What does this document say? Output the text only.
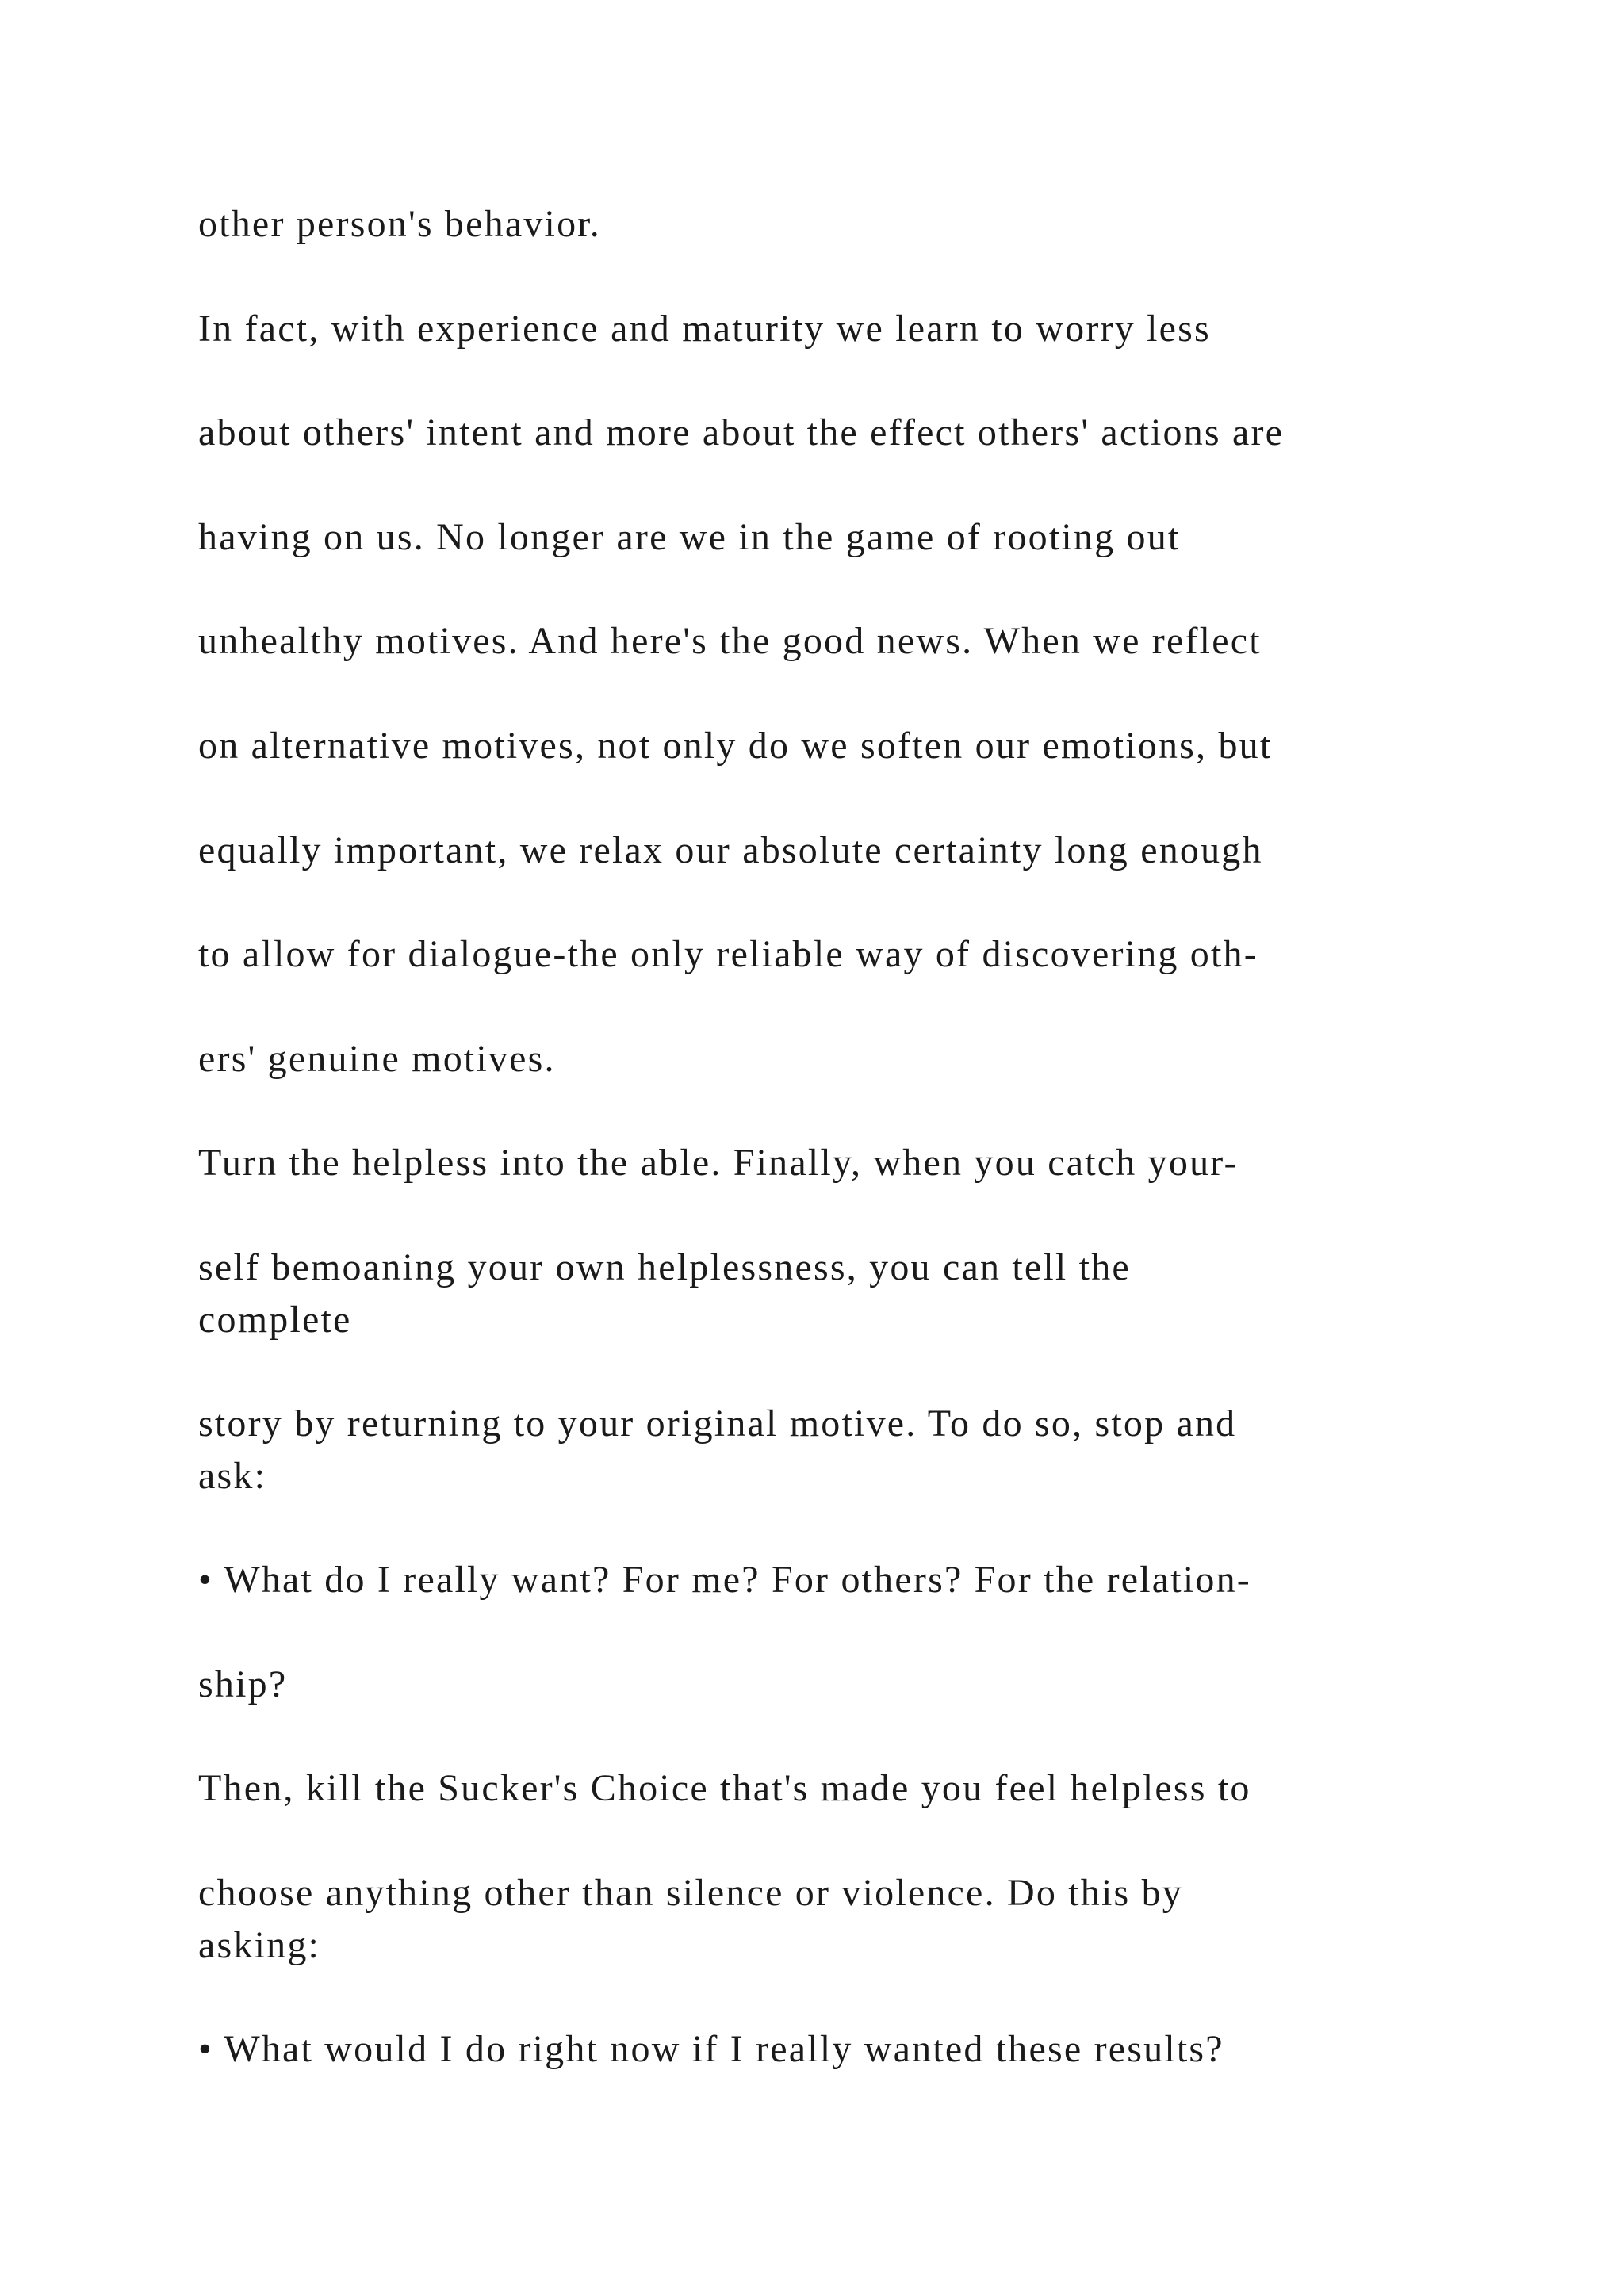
other person's behavior.

In fact, with experience and maturity we learn to worry less

about others' intent and more about the effect others' actions are

having on us. No longer are we in the game of rooting out

unhealthy motives. And here's the good news. When we reflect

on alternative motives, not only do we soften our emotions, but

equally important, we relax our absolute certainty long enough

to allow for dialogue-the only reliable way of discovering oth-

ers' genuine motives.

Turn the helpless into the able. Finally, when you catch your-

self bemoaning your own helplessness, you can tell the

complete

story by returning to your original motive. To do so, stop and

ask:

• What do I really want? For me? For others? For the relation-

ship?

Then, kill the Sucker's Choice that's made you feel helpless to

choose anything other than silence or violence. Do this by

asking:

• What would I do right now if I really wanted these results?
